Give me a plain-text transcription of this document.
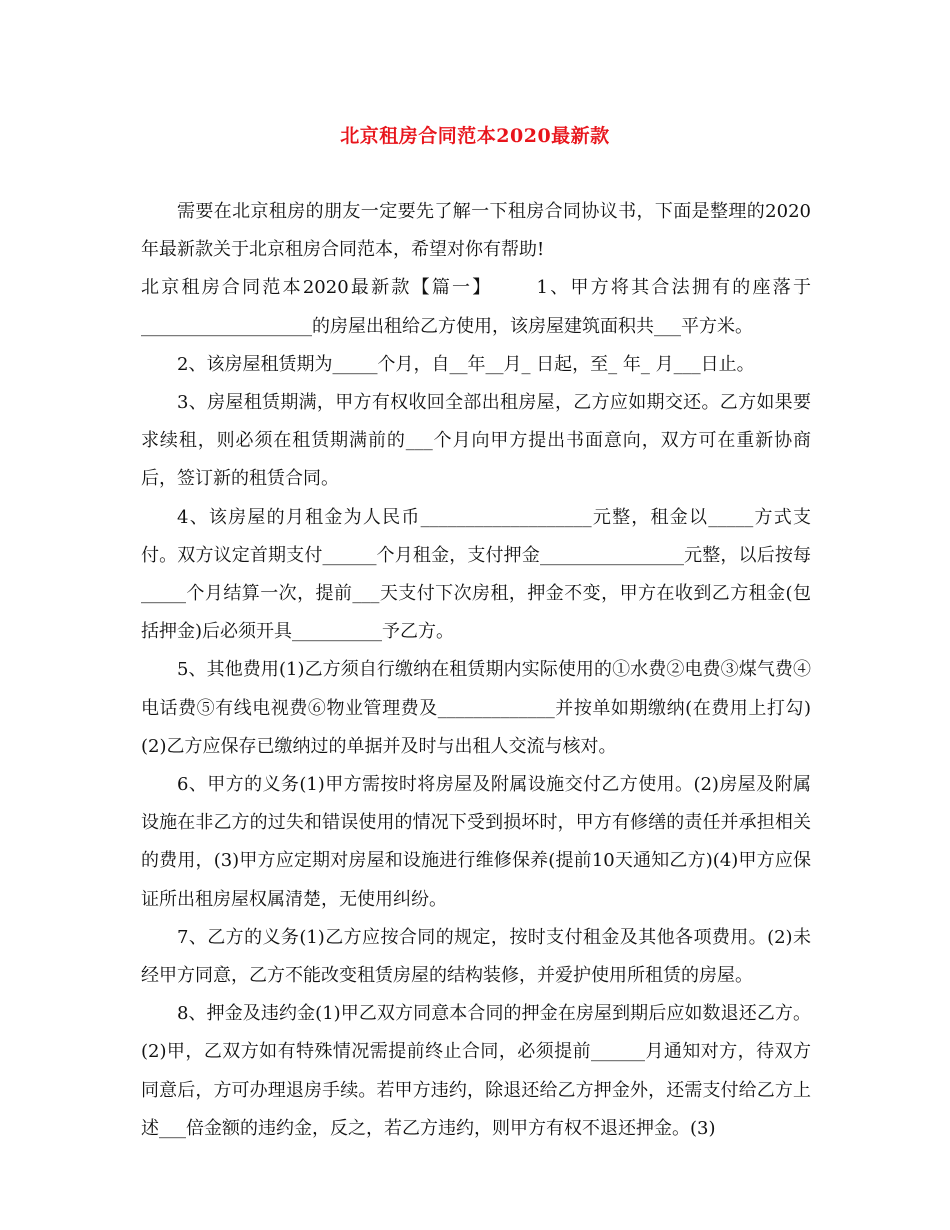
北京租房合同范本2020最新款

需要在北京租房的朋友一定要先了解一下租房合同协议书，下面是整理的2020年最新款关于北京租房合同范本，希望对你有帮助!

北京租房合同范本2020最新款【篇一】 1、甲方将其合法拥有的座落于___________________的房屋出租给乙方使用，该房屋建筑面积共___平方米。

2、该房屋租赁期为_____个月，自__年__月_ 日起，至_ 年_ 月___日止。

3、房屋租赁期满，甲方有权收回全部出租房屋，乙方应如期交还。乙方如果要求续租，则必须在租赁期满前的___个月向甲方提出书面意向，双方可在重新协商后，签订新的租赁合同。

4、该房屋的月租金为人民币___________________元整，租金以_____方式支付。双方议定首期支付______个月租金，支付押金________________元整，以后按每_____个月结算一次，提前___天支付下次房租，押金不变，甲方在收到乙方租金(包括押金)后必须开具__________予乙方。

5、其他费用(1)乙方须自行缴纳在租赁期内实际使用的①水费②电费③煤气费④电话费⑤有线电视费⑥物业管理费及_____________并按单如期缴纳(在费用上打勾)(2)乙方应保存已缴纳过的单据并及时与出租人交流与核对。

6、甲方的义务(1)甲方需按时将房屋及附属设施交付乙方使用。(2)房屋及附属设施在非乙方的过失和错误使用的情况下受到损坏时，甲方有修缮的责任并承担相关的费用，(3)甲方应定期对房屋和设施进行维修保养(提前10天通知乙方)(4)甲方应保证所出租房屋权属清楚，无使用纠纷。

7、乙方的义务(1)乙方应按合同的规定，按时支付租金及其他各项费用。(2)未经甲方同意，乙方不能改变租赁房屋的结构装修，并爱护使用所租赁的房屋。

8、押金及违约金(1)甲乙双方同意本合同的押金在房屋到期后应如数退还乙方。(2)甲，乙双方如有特殊情况需提前终止合同，必须提前______月通知对方，待双方同意后，方可办理退房手续。若甲方违约，除退还给乙方押金外，还需支付给乙方上述___倍金额的违约金，反之，若乙方违约，则甲方有权不退还押金。(3)
